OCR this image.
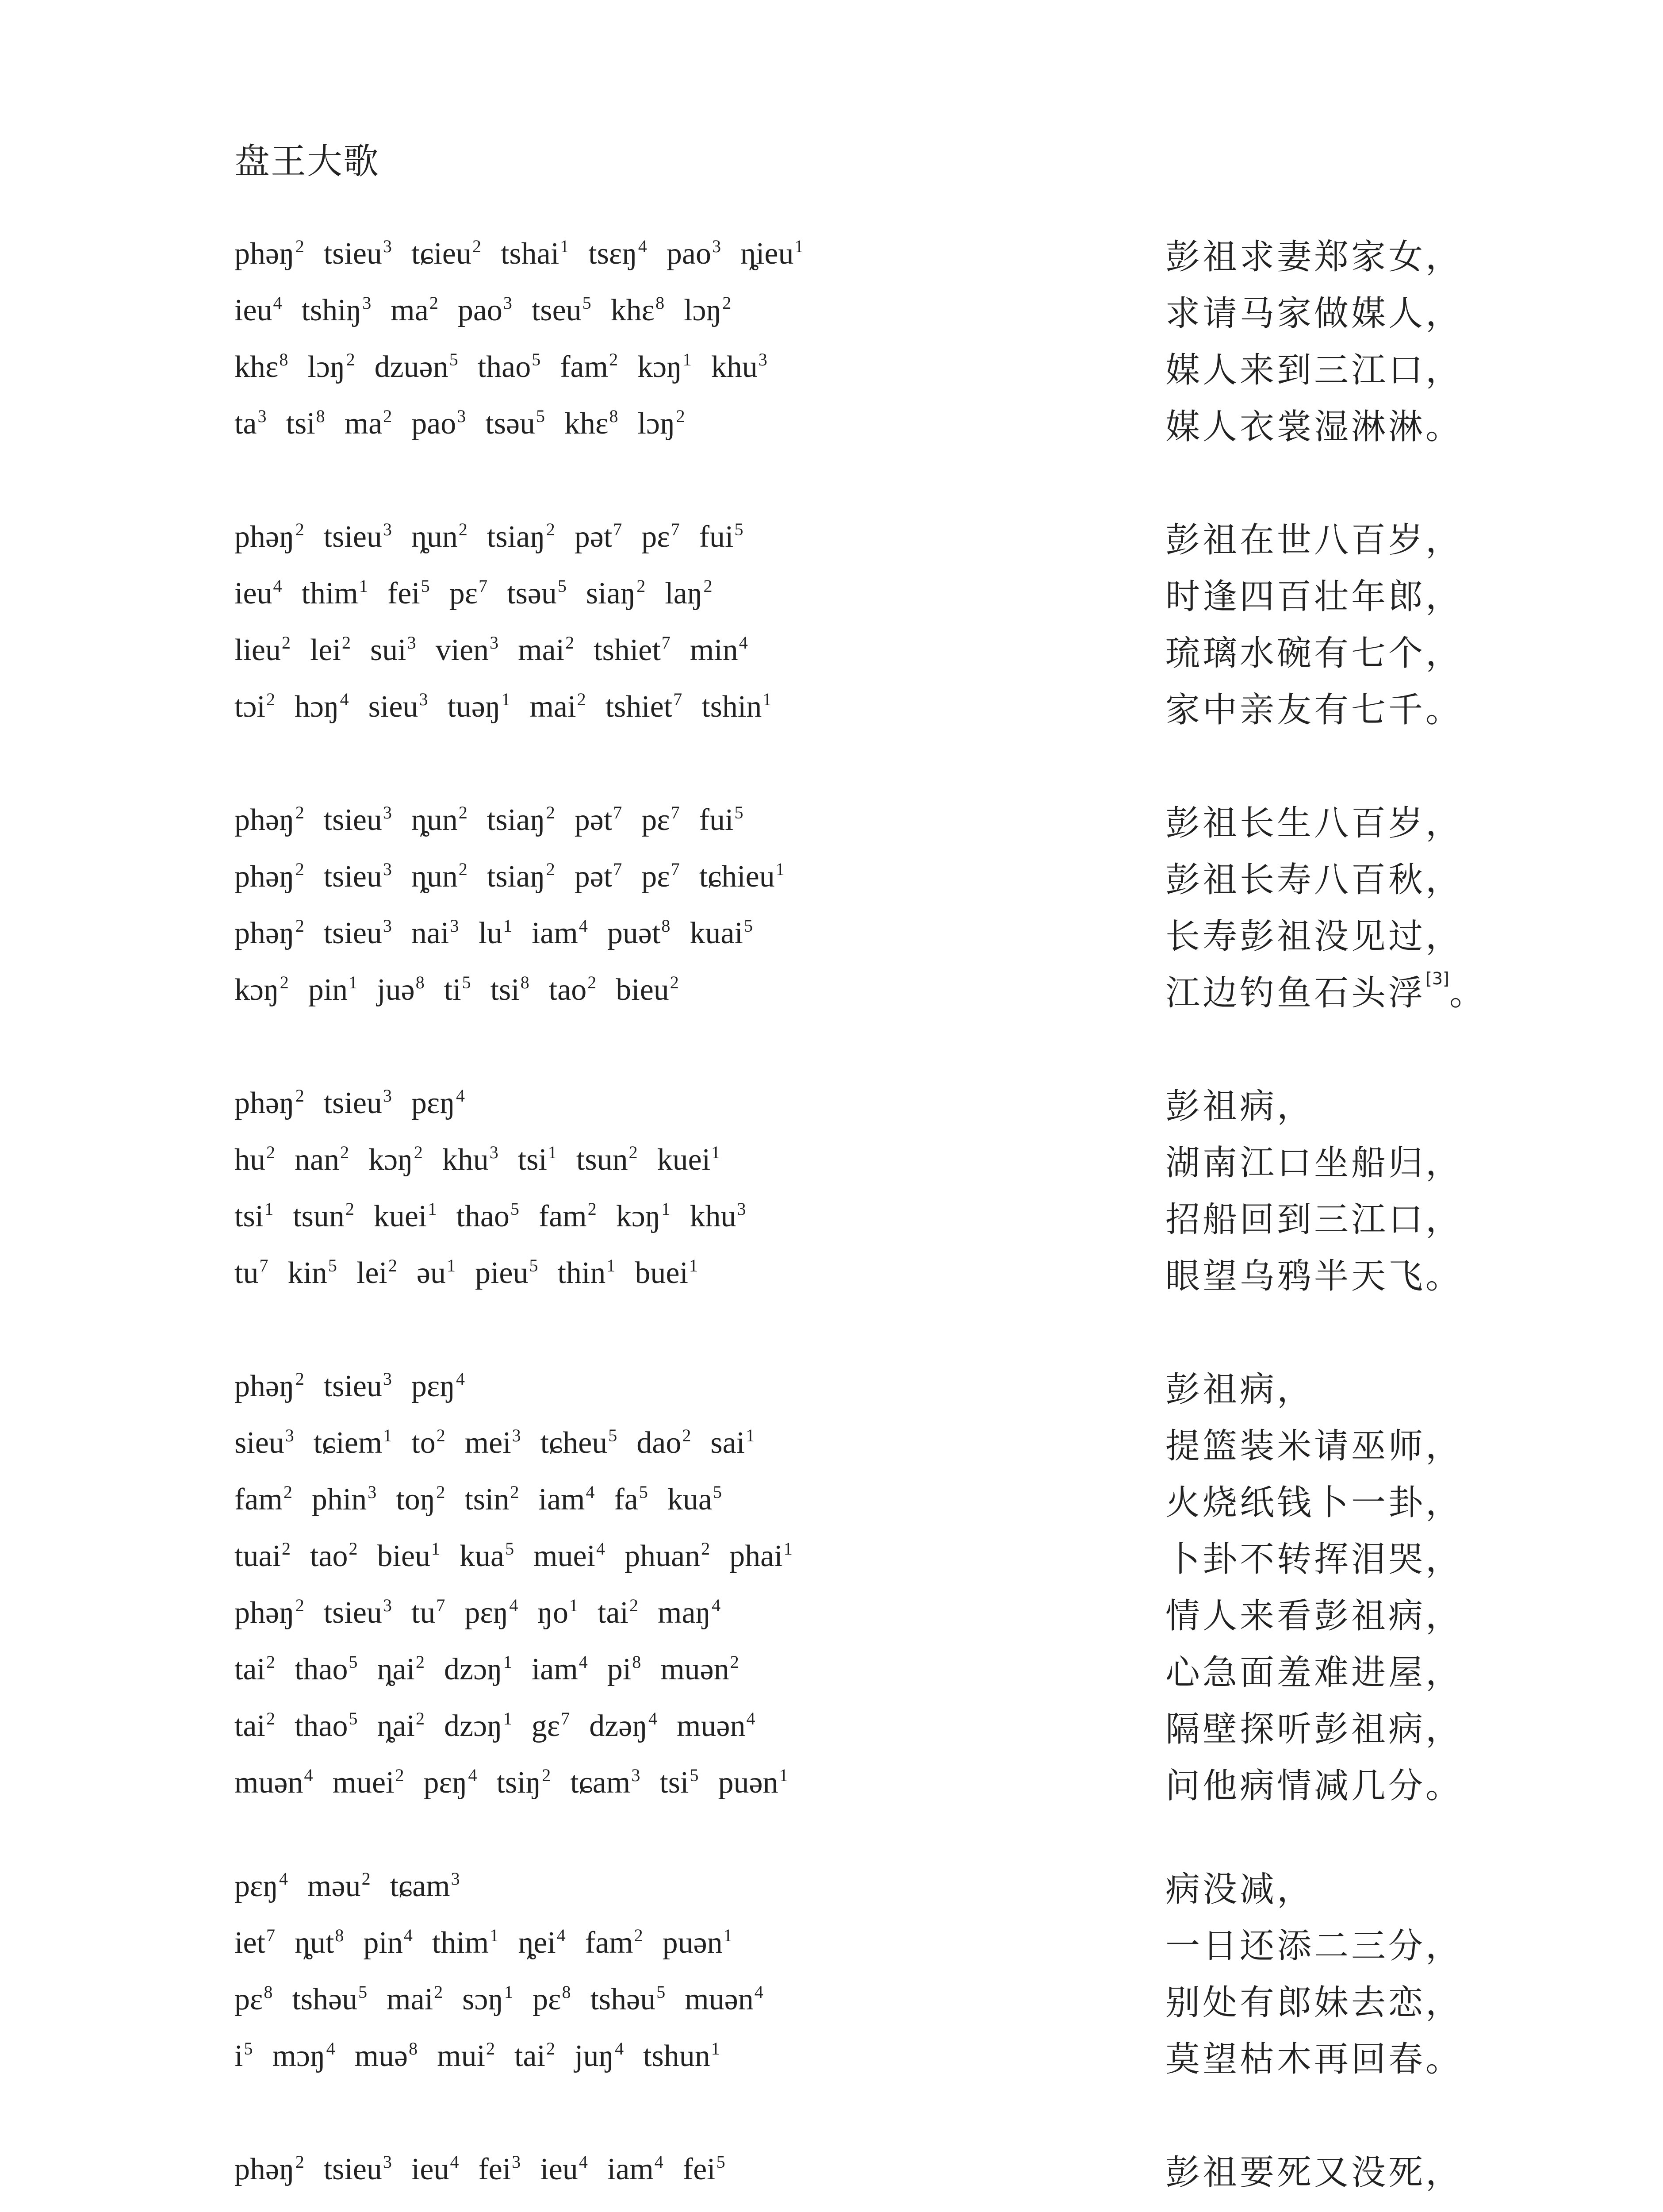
盘王大歌
phəŋ$^2$ tsieu$^3$ tɕieu$^2$ tshai$^1$ tsɛŋ$^4$ pao$^3$ ȵieu$^1$	彭祖求妻郑家女，
ieu$^4$ tshiŋ$^3$ $ma^2$ pao$^3$ tseu$^5$ khɛ$^8$ lɔŋ$^2$	求请马家做媒人，
khɛ$^8$ lɔŋ$^2$ dzuən$^5$ thao$^5$ fam$^2$ kɔŋ$^1$ khu$^3$	媒人来到三江口，
$ta^3$ tsi$^8$ $ma^2$ pao$^3$ tsəu$^5$ khɛ$^8$ lɔŋ$^2$	媒人衣裳湿淋淋。
phəŋ$^2$ tsieu$^3$ ȵun$^2$ tsiaŋ$^2$ pət$^7$ pɛ$^7$ fui$^5$	彭祖在世八百岁，
ieu$^4$ thim$^1$ fei$^5$ pɛ$^7$ tsəu$^5$ siaŋ$^2$ laŋ$^2$	时逢四百壮年郎，
lieu$^2$ lei$^2$ sui$^3$ vien$^3$ mai$^2$ tshiet$^7$ $\min^4$	琉璃水碗有七个，
tɔi$^2$ hɔŋ$^4$ sieu$^3$ tuəŋ$^1$ mai$^2$ tshiet$^7$ tshin$^1$	家中亲友有七千。
phəŋ$^2$ tsieu$^3$ ȵun$^2$ tsiaŋ$^2$ pət$^7$ pɛ$^7$ fui$^5$	彭祖长生八百岁，
phəŋ$^2$ tsieu$^3$ ȵun$^2$ tsiaŋ$^2$ pət$^7$ pɛ$^7$ tɕhieu$^1$	彭祖长寿八百秋，
phəŋ$^2$ tsieu$^3$ nai$^3$ $lu^1$ iam$^4$ puət$^8$ kuai$^5$	长寿彭祖没见过，
kɔŋ$^2$ pin$^1$ juə$^8$ $ti^5$ tsi$^8$ tao$^2$ bieu$^2$	江边钓鱼石头浮 [3] 。
phəŋ$^2$ tsieu$^3$ pɛŋ$^4$	彭祖病，
$hu^2$ nan$^2$ kɔŋ$^2$ khu$^3$ tsi$^1$ tsun$^2$ kuei$^1$	湖南江口坐船归，
tsi$^1$ tsun$^2$ kuei$^1$ thao$^5$ fam$^2$ kɔŋ$^1$ khu$^3$	招船回到三江口，
$tu^7$ kin$^5$ lei$^2$ əu$^1$ pieu$^5$ thin$^1$ buei$^1$	眼望乌鸦半天飞。
phəŋ$^2$ tsieu$^3$ pɛŋ$^4$	彭祖病，
sieu$^3$ tɕiem$^1$ $to^2$ mei$^3$ tɕheu$^5$ dao$^2$ sai$^1$	提篮装米请巫师，
fam$^2$ phin$^3$ toŋ$^2$ tsin$^2$ iam$^4$ $fa^5$ kua$^5$	火烧纸钱卜一卦，
tuai$^2$ tao$^2$ bieu$^1$ kua$^5$ muei$^4$ phuan$^2$ phai$^1$	卜卦不转挥泪哭，
phəŋ$^2$ tsieu$^3$ $tu^7$ pɛŋ$^4$ $ŋo^1$ tai$^2$ maŋ$^4$	情人来看彭祖病，
tai$^2$ thao$^5$ ȵai$^2$ dzɔŋ$^1$ iam$^4$ $pi^8$ muən$^2$	心急面羞难进屋，
tai$^2$ thao$^5$ ȵai$^2$ dzɔŋ$^1$ gɛ$^7$ dzəŋ$^4$ muən$^4$	隔壁探听彭祖病，
muən$^4$ muei$^2$ pɛŋ$^4$ tsiŋ$^2$ tɕam$^3$ tsi$^5$ puən$^1$	问他病情减几分。
pɛŋ$^4$ məu$^2$ tɕam$^3$	病没减，
iet$^7$ ȵut$^8$ pin$^4$ thim$^1$ ȵei$^4$ fam$^2$ puən$^1$	一日还添二三分，
pɛ$^8$ tshəu$^5$ mai$^2$ sɔŋ$^1$ pɛ$^8$ tshəu$^5$ muən$^4$	别处有郎妹去恋，
$i^5$ mɔŋ$^4$ muə$^8$ mui$^2$ tai$^2$ juŋ$^4$ tshun$^1$	莫望枯木再回春。
phəŋ$^2$ tsieu$^3$ ieu$^4$ fei$^3$ ieu$^4$ iam$^4$ fei$^5$	彭祖要死又没死，
